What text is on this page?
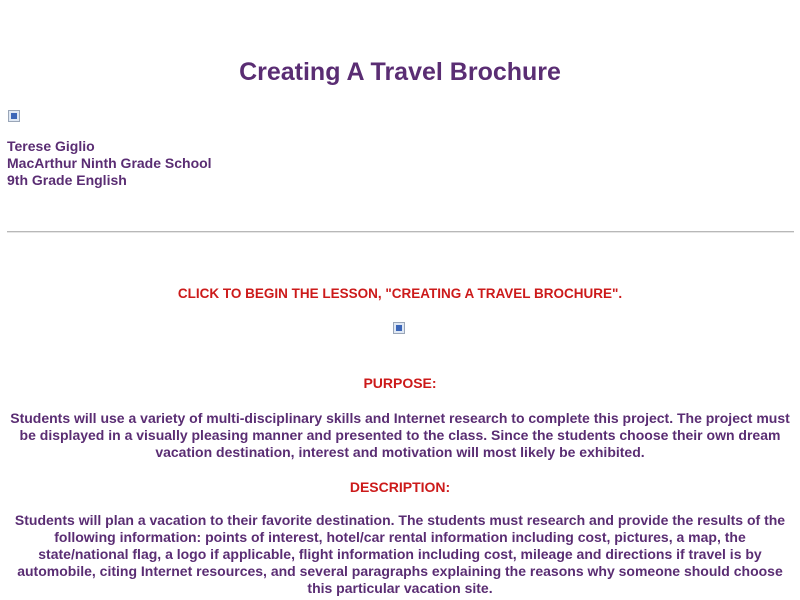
Creating A Travel Brochure
Terese Giglio
MacArthur Ninth Grade School
9th Grade English
CLICK TO BEGIN THE LESSON, "CREATING A TRAVEL BROCHURE".
PURPOSE:
Students will use a variety of multi-disciplinary skills and Internet research to complete this project. The project must be displayed in a visually pleasing manner and presented to the class. Since the students choose their own dream vacation destination, interest and motivation will most likely be exhibited.
DESCRIPTION:
Students will plan a vacation to their favorite destination. The students must research and provide the results of the following information: points of interest, hotel/car rental information including cost, pictures, a map, the state/national flag, a logo if applicable, flight information including cost, mileage and directions if travel is by automobile, citing Internet resources, and several paragraphs explaining the reasons why someone should choose this particular vacation site.
